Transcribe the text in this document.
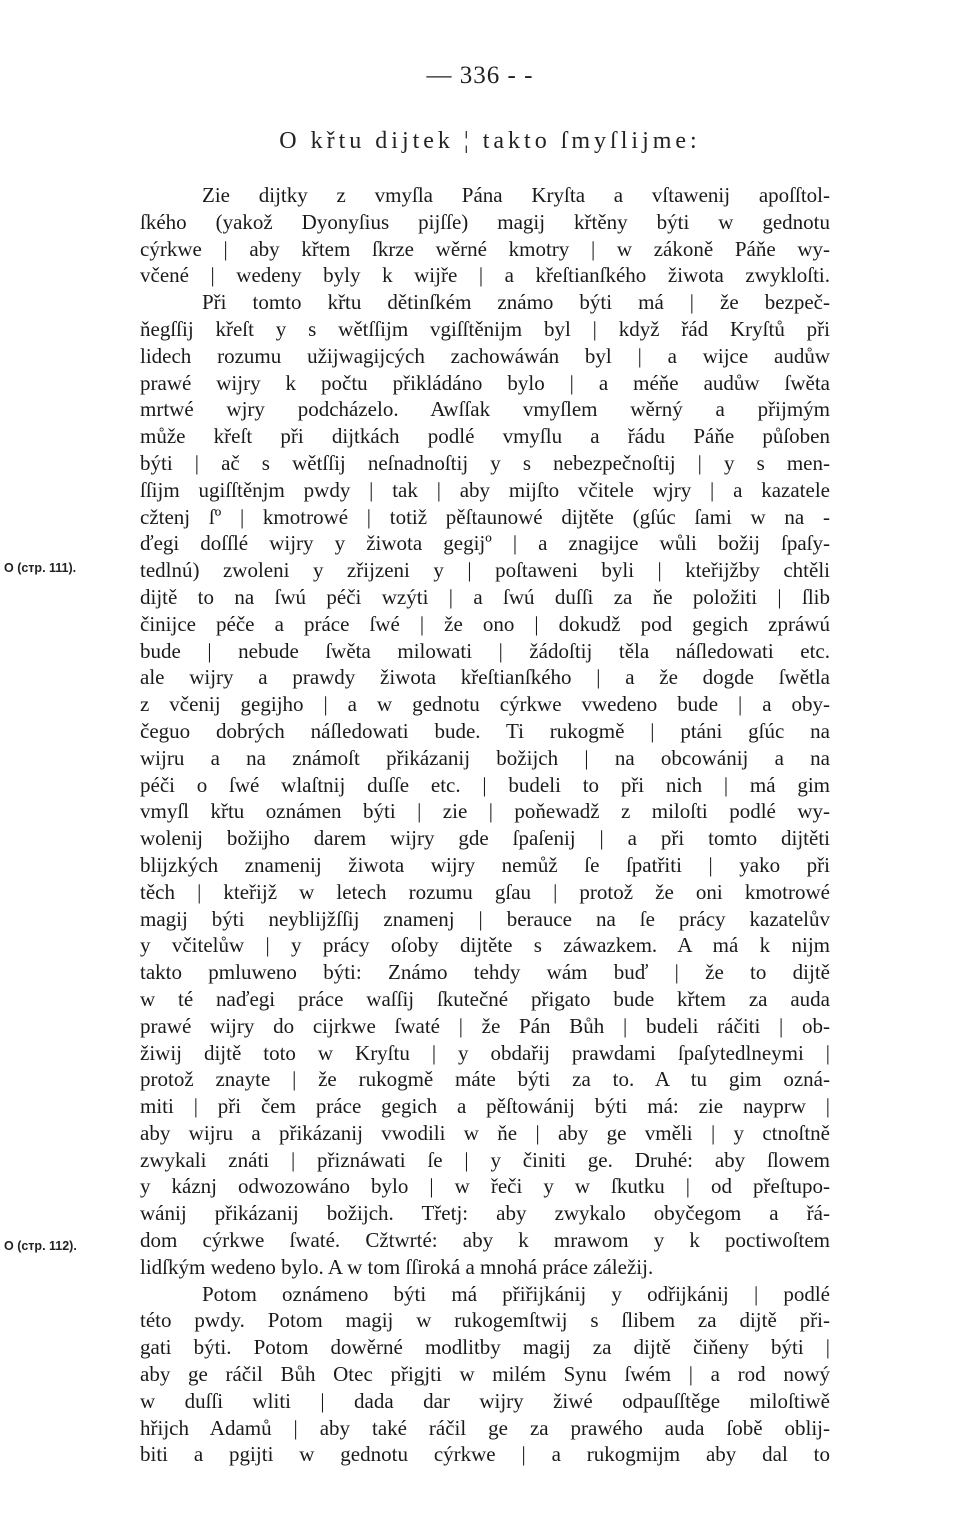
— 336 - -
O křtu dijtek ¦ takto ſmyſlijme:
O (стр. 111).
O (стр. 112).
Zie dijtky z vmyſla Pána Kryſta a vſtawenij apoſſtol-
ſkého (yakož Dyonyſius pijſſe) magij křtěny býti w gednotu
cýrkwe | aby křtem ſkrze wěrné kmotry | w zákoně Páňe wy-
včené | wedeny byly k wijře | a křeſtianſkého žiwota zwykloſti.
Při tomto křtu dětinſkém známo býti má | že bezpeč-
ňegſſij křeſt y s wětſſijm vgiſſtěnijm byl | když řád Kryſtů při
lidech rozumu užijwagijcých zachowáwán byl | a wijce audůw
prawé wijry k počtu přikládáno bylo | a méňe audůw ſwěta
mrtwé wjry podcházelo. Awſſak vmyſlem wěrný a přijmým
může křeſt při dijtkách podlé vmyſlu a řádu Páňe půſoben
býti | ač s wětſſij neſnadnoſtij y s nebezpečnoſtij | y s men-
ſſijm ugiſſtěnjm pwdy | tak | aby mijſto včitele wjry | a kazatele
cžtenj ſº | kmotrowé | totiž pěſtaunowé dijtěte (gſúc ſami w na -
ďegi doſſlé wijry y žiwota gegijº | a znagijce wůli božij ſpaſy-
tedlnú) zwoleni y zřijzeni y | poſtaweni byli | kteřijžby chtěli
dijtě to na ſwú péči wzýti | a ſwú duſſi za ňe položiti | ſlib
činijce péče a práce ſwé | že ono | dokudž pod gegich zpráwú
bude | nebude ſwěta milowati | žádoſtij těla náſledowati etc.
ale wijry a prawdy žiwota křeſtianſkého | a že dogde ſwětla
z včenij gegijho | a w gednotu cýrkwe vwedeno bude | a oby-
čeguo dobrých náſledowati bude. Ti rukogmě | ptáni gſúc na
wijru a na známoſt přikázanij božijch | na obcowánij a na
péči o ſwé wlaſtnij duſſe etc. | budeli to při nich | má gim
vmyſl křtu oznámen býti | zie | poňewadž z miloſti podlé wy-
wolenij božijho darem wijry gde ſpaſenij | a při tomto dijtěti
blijzkých znamenij žiwota wijry nemůž ſe ſpatřiti | yako při
těch | kteřijž w letech rozumu gſau | protož že oni kmotrowé
magij býti neyblijžſſij znamenj | berauce na ſe prácy kazatelův
y včitelůw | y prácy oſoby dijtěte s záwazkem. A má k nijm
takto pmluweno býti: Známo tehdy wám buď | že to dijtě
w té naďegi práce waſſij ſkutečné přigato bude křtem za auda
prawé wijry do cijrkwe ſwaté | že Pán Bůh | budeli ráčiti | ob-
žiwij dijtě toto w Kryſtu | y obdařij prawdami ſpaſytedlneymi |
protož znayte | že rukogmě máte býti za to. A tu gim ozná-
miti | při čem práce gegich a pěſtowánij býti má: zie nayprw |
aby wijru a přikázanij vwodili w ňe | aby ge vměli | y ctnoſtně
zwykali znáti | přiznáwati ſe | y činiti ge. Druhé: aby ſlowem
y káznj odwozowáno bylo | w řeči y w ſkutku | od přeſtupo-
wánij přikázanij božijch. Třetj: aby zwykalo obyčegom a řá-
dom cýrkwe ſwaté. Cžtwrté: aby k mrawom y k poctiwoſtem
lidſkým wedeno bylo. A w tom ſſiroká a mnohá práce záležij.
Potom oznámeno býti má přiřijkánij y odřijkánij | podlé
této pwdy. Potom magij w rukogemſtwij s ſlibem za dijtě při-
gati býti. Potom dowěrné modlitby magij za dijtě čiňeny býti |
aby ge ráčil Bůh Otec přigjti w milém Synu ſwém | a rod nowý
w duſſi wliti | dada dar wijry žiwé odpauſſtěge miloſtiwě
hřijch Adamů | aby také ráčil ge za prawého auda ſobě oblij-
biti a pgijti w gednotu cýrkwe | a rukogmijm aby dal to
